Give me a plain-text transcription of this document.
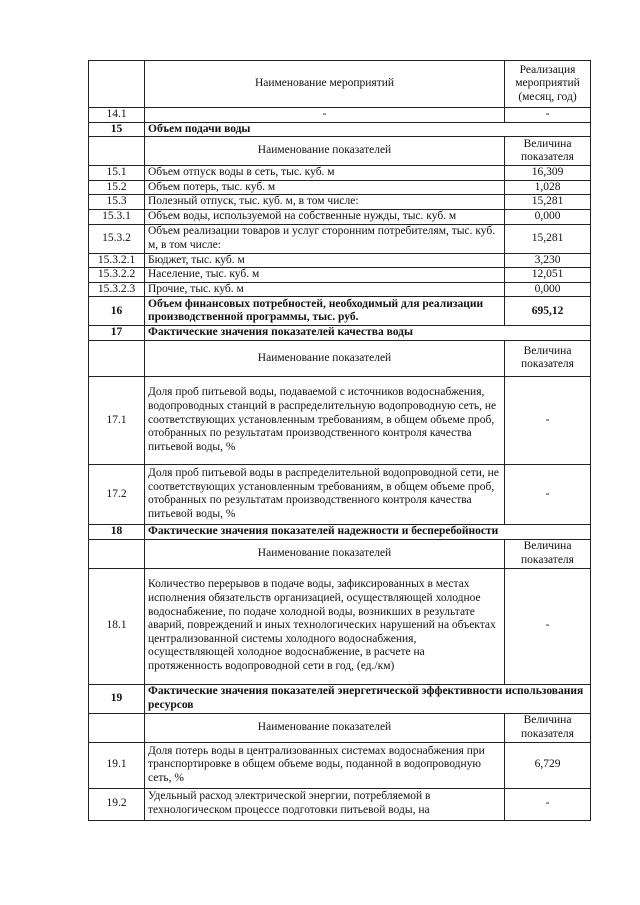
	Наименование мероприятий	Реализация мероприятий (месяц, год)
14.1	-	-
15	Объем подачи воды	
	Наименование показателей	Величина показателя
15.1	Объем отпуск воды в сеть, тыс. куб. м	16,309
15.2	Объем потерь, тыс. куб. м	1,028
15.3	Полезный отпуск, тыс. куб. м, в том числе:	15,281
15.3.1	Объем воды, используемой на собственные нужды, тыс. куб. м	0,000
15.3.2	Объем реализации товаров и услуг сторонним потребителям, тыс. куб. м, в том числе:	15,281
15.3.2.1	Бюджет, тыс. куб. м	3,230
15.3.2.2	Население, тыс. куб. м	12,051
15.3.2.3	Прочие, тыс. куб. м	0,000
16	Объем финансовых потребностей, необходимый для реализации производственной программы, тыс. руб.	695,12
17	Фактические значения показателей качества воды	
	Наименование показателей	Величина показателя
17.1	Доля проб питьевой воды, подаваемой с источников водоснабжения, водопроводных станций в распределительную водопроводную сеть, не соответствующих установленным требованиям, в общем объеме проб, отобранных по результатам производственного контроля качества питьевой воды, %	-
17.2	Доля проб питьевой воды в распределительной водопроводной сети, не соответствующих установленным требованиям, в общем объеме проб, отобранных по результатам производственного контроля качества питьевой воды, %	-
18	Фактические значения показателей надежности и бесперебойности	
	Наименование показателей	Величина показателя
18.1	Количество перерывов в подаче воды, зафиксированных в местах исполнения обязательств организацией, осуществляющей холодное водоснабжение, по подаче холодной воды, возникших в результате аварий, повреждений и иных технологических нарушений на объектах централизованной системы холодного водоснабжения, осуществляющей холодное водоснабжение, в расчете на протяженность водопроводной сети в год, (ед./км)	-
19	Фактические значения показателей энергетической эффективности использования ресурсов	
	Наименование показателей	Величина показателя
19.1	Доля потерь воды в централизованных системах водоснабжения при транспортировке в общем объеме воды, поданной в водопроводную сеть, %	6,729
19.2	Удельный расход электрической энергии, потребляемой в технологическом процессе подготовки питьевой воды, на	-
